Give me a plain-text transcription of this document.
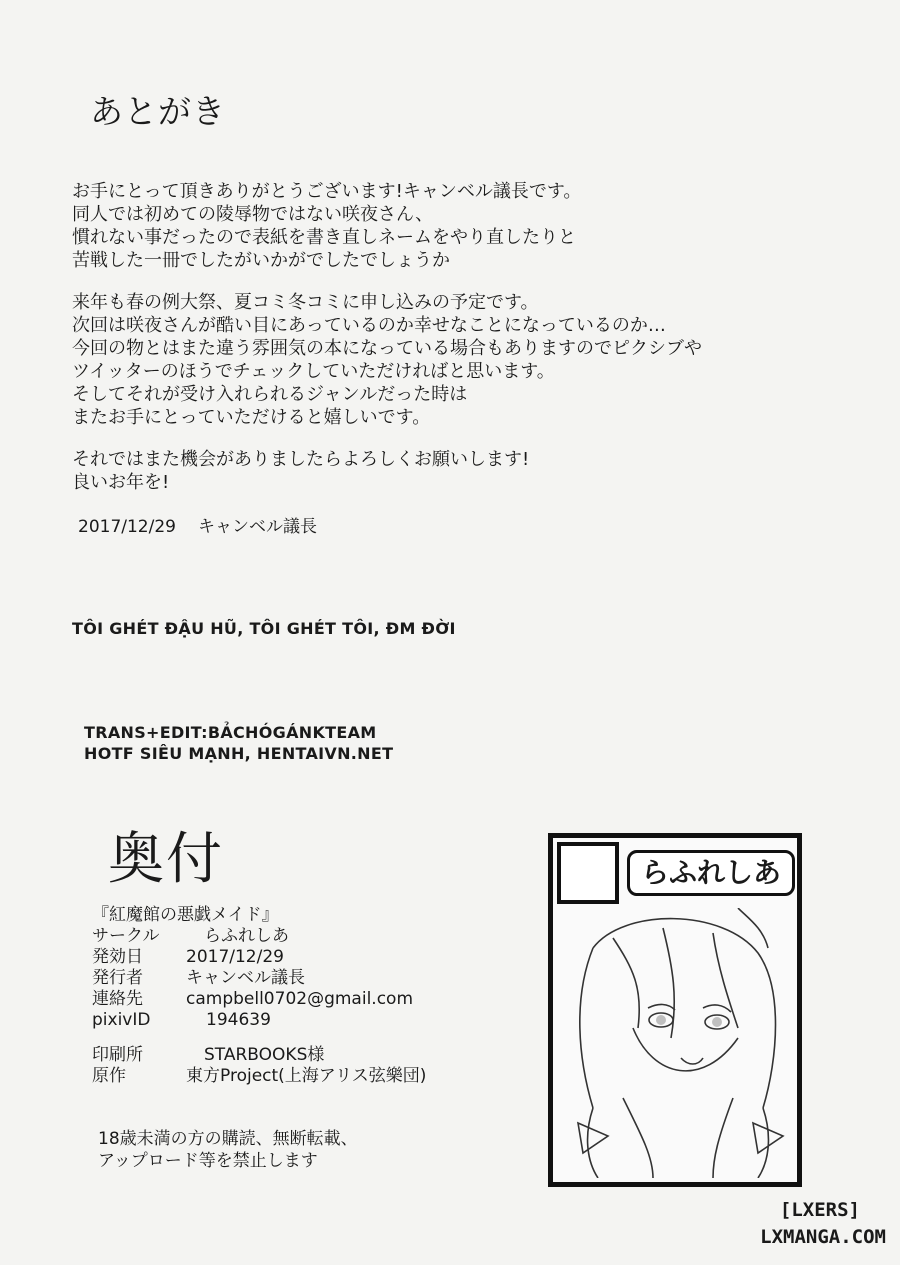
あとがき
お手にとって頂きありがとうございます!キャンベル議長です。
同人では初めての陵辱物ではない咲夜さん、
慣れない事だったので表紙を書き直しネームをやり直したりと
苦戦した一冊でしたがいかがでしたでしょうか
来年も春の例大祭、夏コミ冬コミに申し込みの予定です。
次回は咲夜さんが酷い目にあっているのか幸せなことになっているのか…
今回の物とはまた違う雰囲気の本になっている場合もありますのでピクシブや
ツイッターのほうでチェックしていただければと思います。
そしてそれが受け入れられるジャンルだった時は
またお手にとっていただけると嬉しいです。
それではまた機会がありましたらよろしくお願いします!
良いお年を!
2017/12/29 キャンベル議長
TÔI GHÉT ĐẬU HŨ, TÔI GHÉT TÔI, ĐM ĐỜI
TRANS+EDIT:BẢCHÓGÁNKTEAM
HOTF SIÊU MẠNH, HENTAIVN.NET
奥付
『紅魔館の悪戯メイド』
サークル	らふれしあ
発効日	2017/12/29
発行者	キャンベル議長
連絡先	campbell0702@gmail.com
pixivID	194639
印刷所	STARBOOKS様
原作	東方Project(上海アリス弦樂団)
18歳未満の方の購読、無断転載、
アップロード等を禁止します
らふれしあ
[LXERS]
LXMANGA.COM
